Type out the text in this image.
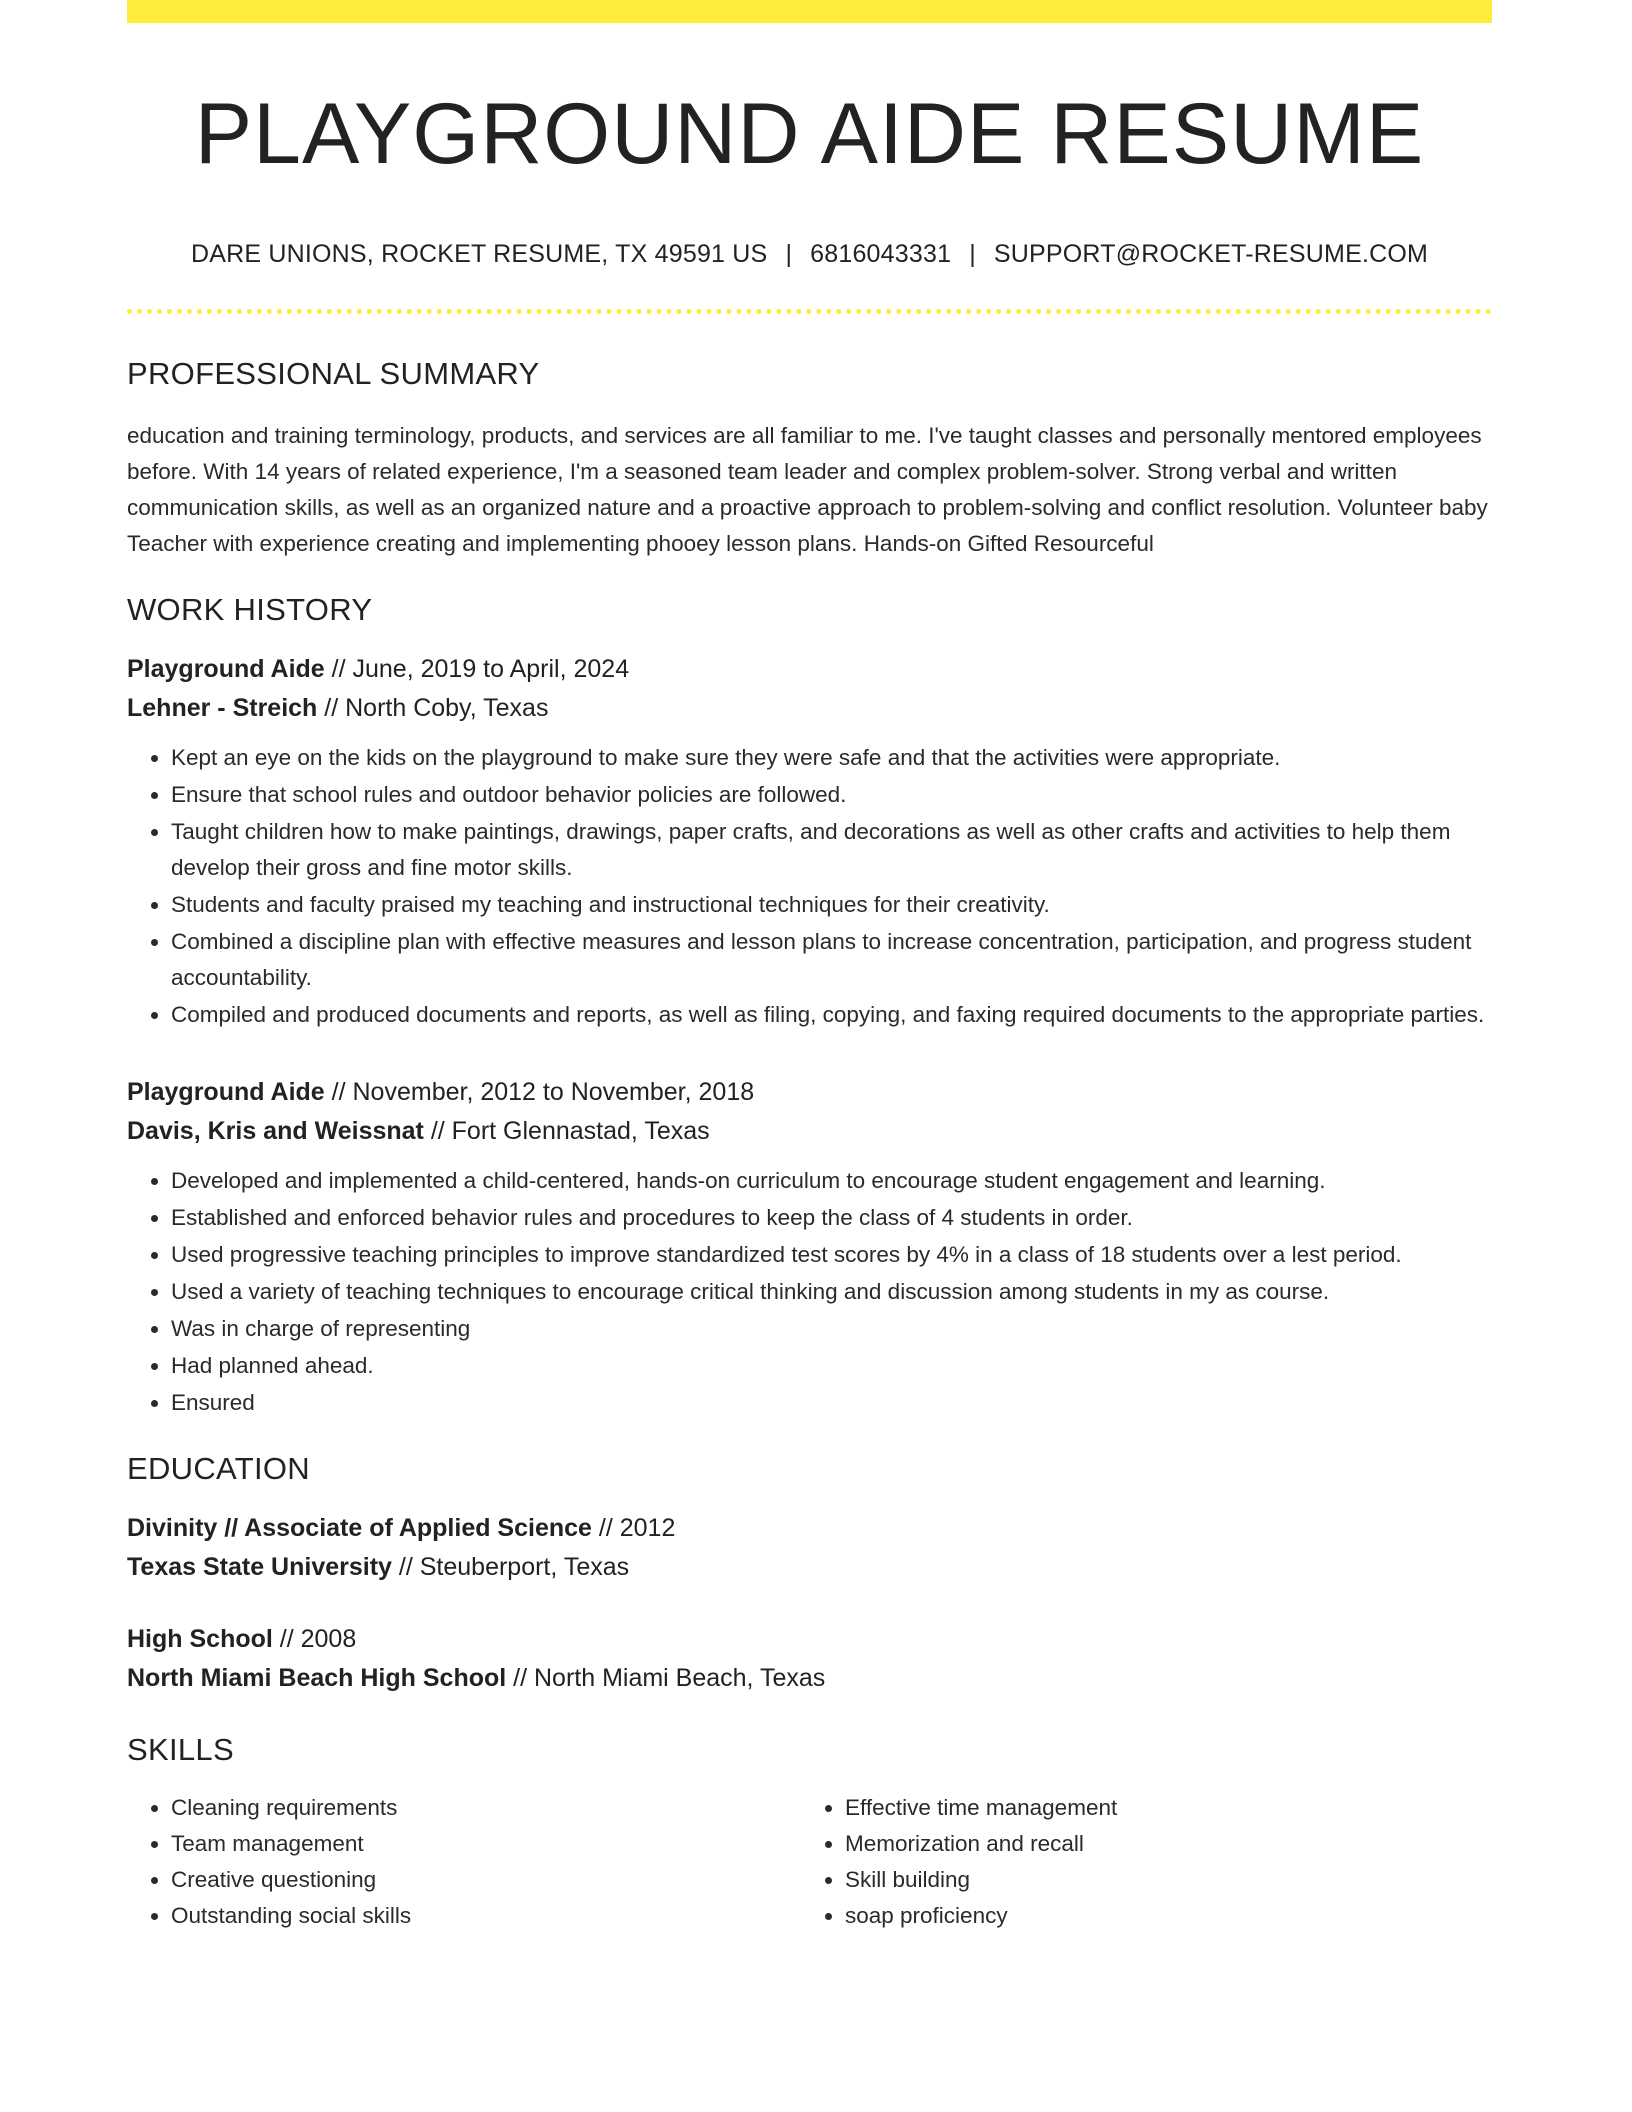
PLAYGROUND AIDE RESUME
DARE UNIONS, ROCKET RESUME, TX 49591 US | 6816043331 | SUPPORT@ROCKET-RESUME.COM
PROFESSIONAL SUMMARY
education and training terminology, products, and services are all familiar to me. I've taught classes and personally mentored employees before. With 14 years of related experience, I'm a seasoned team leader and complex problem-solver. Strong verbal and written communication skills, as well as an organized nature and a proactive approach to problem-solving and conflict resolution. Volunteer baby Teacher with experience creating and implementing phooey lesson plans. Hands-on Gifted Resourceful
WORK HISTORY
Playground Aide // June, 2019 to April, 2024
Lehner - Streich // North Coby, Texas
• Kept an eye on the kids on the playground to make sure they were safe and that the activities were appropriate.
• Ensure that school rules and outdoor behavior policies are followed.
• Taught children how to make paintings, drawings, paper crafts, and decorations as well as other crafts and activities to help them develop their gross and fine motor skills.
• Students and faculty praised my teaching and instructional techniques for their creativity.
• Combined a discipline plan with effective measures and lesson plans to increase concentration, participation, and progress student accountability.
• Compiled and produced documents and reports, as well as filing, copying, and faxing required documents to the appropriate parties.
Playground Aide // November, 2012 to November, 2018
Davis, Kris and Weissnat // Fort Glennastad, Texas
• Developed and implemented a child-centered, hands-on curriculum to encourage student engagement and learning.
• Established and enforced behavior rules and procedures to keep the class of 4 students in order.
• Used progressive teaching principles to improve standardized test scores by 4% in a class of 18 students over a lest period.
• Used a variety of teaching techniques to encourage critical thinking and discussion among students in my as course.
• Was in charge of representing
• Had planned ahead.
• Ensured
EDUCATION
Divinity // Associate of Applied Science // 2012
Texas State University // Steuberport, Texas
High School // 2008
North Miami Beach High School // North Miami Beach, Texas
SKILLS
• Cleaning requirements
• Team management
• Creative questioning
• Outstanding social skills
• Effective time management
• Memorization and recall
• Skill building
• soap proficiency
